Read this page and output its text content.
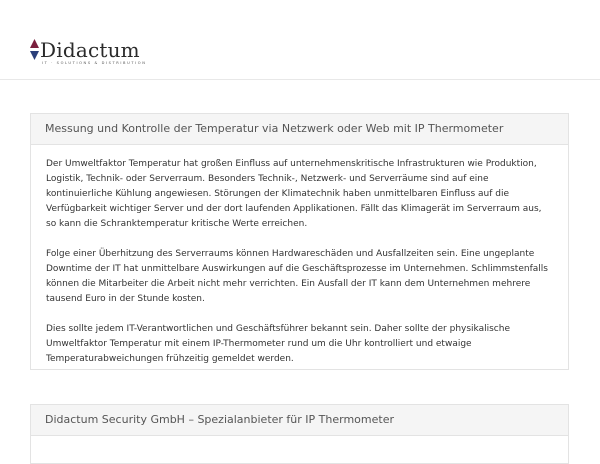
Didactum
IT · SOLUTIONS & DISTRIBUTION
Messung und Kontrolle der Temperatur via Netzwerk oder Web mit IP Thermometer

Der Umweltfaktor Temperatur hat großen Einfluss auf unternehmenskritische Infrastrukturen wie Produktion, Logistik, Technik- oder Serverraum. Besonders Technik-, Netzwerk- und Serverräume sind auf eine kontinuierliche Kühlung angewiesen. Störungen der Klimatechnik haben unmittelbaren Einfluss auf die Verfügbarkeit wichtiger Server und der dort laufenden Applikationen. Fällt das Klimagerät im Serverraum aus, so kann die Schranktemperatur kritische Werte erreichen.

Folge einer Überhitzung des Serverraums können Hardwareschäden und Ausfallzeiten sein. Eine ungeplante Downtime der IT hat unmittelbare Auswirkungen auf die Geschäftsprozesse im Unternehmen. Schlimmstenfalls können die Mitarbeiter die Arbeit nicht mehr verrichten. Ein Ausfall der IT kann dem Unternehmen mehrere tausend Euro in der Stunde kosten.

Dies sollte jedem IT-Verantwortlichen und Geschäftsführer bekannt sein. Daher sollte der physikalische Umweltfaktor Temperatur mit einem IP-Thermometer rund um die Uhr kontrolliert und etwaige Temperaturabweichungen frühzeitig gemeldet werden.

Didactum Security GmbH – Spezialanbieter für IP Thermometer
